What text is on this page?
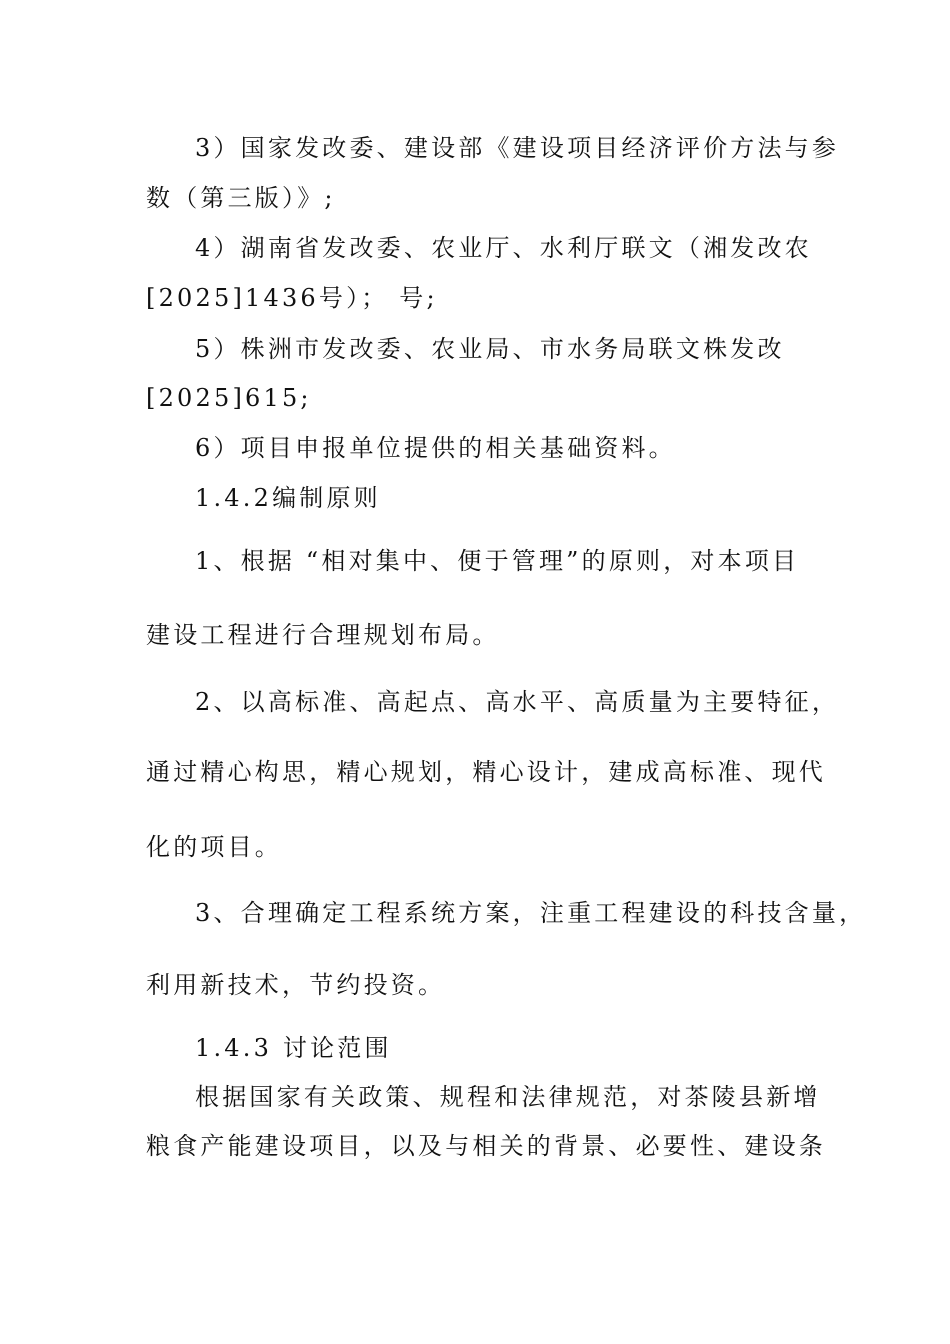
3）国家发改委、建设部《建设项目经济评价方法与参
数（第三版）》;
4）湖南省发改委、农业厅、水利厅联文（湘发改农
[2025]1436号）； 号;
5）株洲市发改委、农业局、市水务局联文株发改
[2025]615;
6）项目申报单位提供的相关基础资料。
1.4.2编制原则
1、根据 “相对集中、便于管理”的原则，对本项目
建设工程进行合理规划布局。
2、以高标准、高起点、高水平、高质量为主要特征，
通过精心构思，精心规划，精心设计，建成高标准、现代
化的项目。
3、合理确定工程系统方案，注重工程建设的科技含量，
利用新技术，节约投资。
1.4.3 讨论范围
根据国家有关政策、规程和法律规范，对茶陵县新增
粮食产能建设项目，以及与相关的背景、必要性、建设条
